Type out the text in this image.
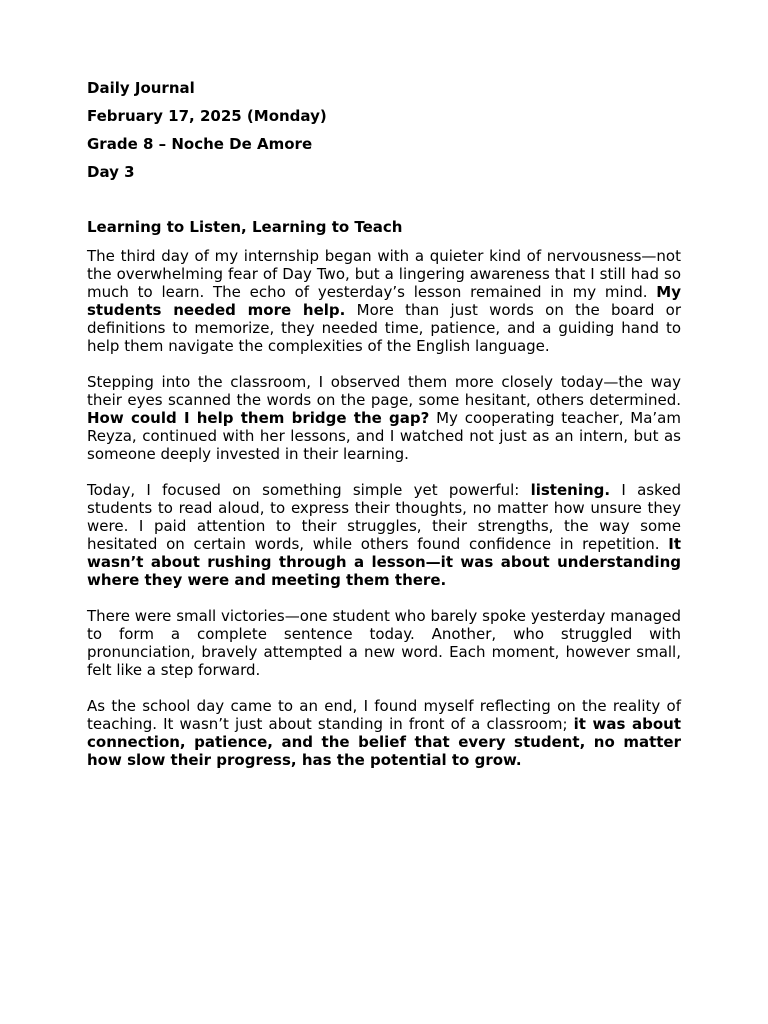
Daily Journal

February 17, 2025 (Monday)

Grade 8 – Noche De Amore

Day 3

Learning to Listen, Learning to Teach

The third day of my internship began with a quieter kind of nervousness—not the overwhelming fear of Day Two, but a lingering awareness that I still had so much to learn. The echo of yesterday’s lesson remained in my mind. My students needed more help. More than just words on the board or definitions to memorize, they needed time, patience, and a guiding hand to help them navigate the complexities of the English language.

Stepping into the classroom, I observed them more closely today—the way their eyes scanned the words on the page, some hesitant, others determined. How could I help them bridge the gap? My cooperating teacher, Ma’am Reyza, continued with her lessons, and I watched not just as an intern, but as someone deeply invested in their learning.

Today, I focused on something simple yet powerful: listening. I asked students to read aloud, to express their thoughts, no matter how unsure they were. I paid attention to their struggles, their strengths, the way some hesitated on certain words, while others found confidence in repetition. It wasn’t about rushing through a lesson—it was about understanding where they were and meeting them there.

There were small victories—one student who barely spoke yesterday managed to form a complete sentence today. Another, who struggled with pronunciation, bravely attempted a new word. Each moment, however small, felt like a step forward.

As the school day came to an end, I found myself reflecting on the reality of teaching. It wasn’t just about standing in front of a classroom; it was about connection, patience, and the belief that every student, no matter how slow their progress, has the potential to grow.
